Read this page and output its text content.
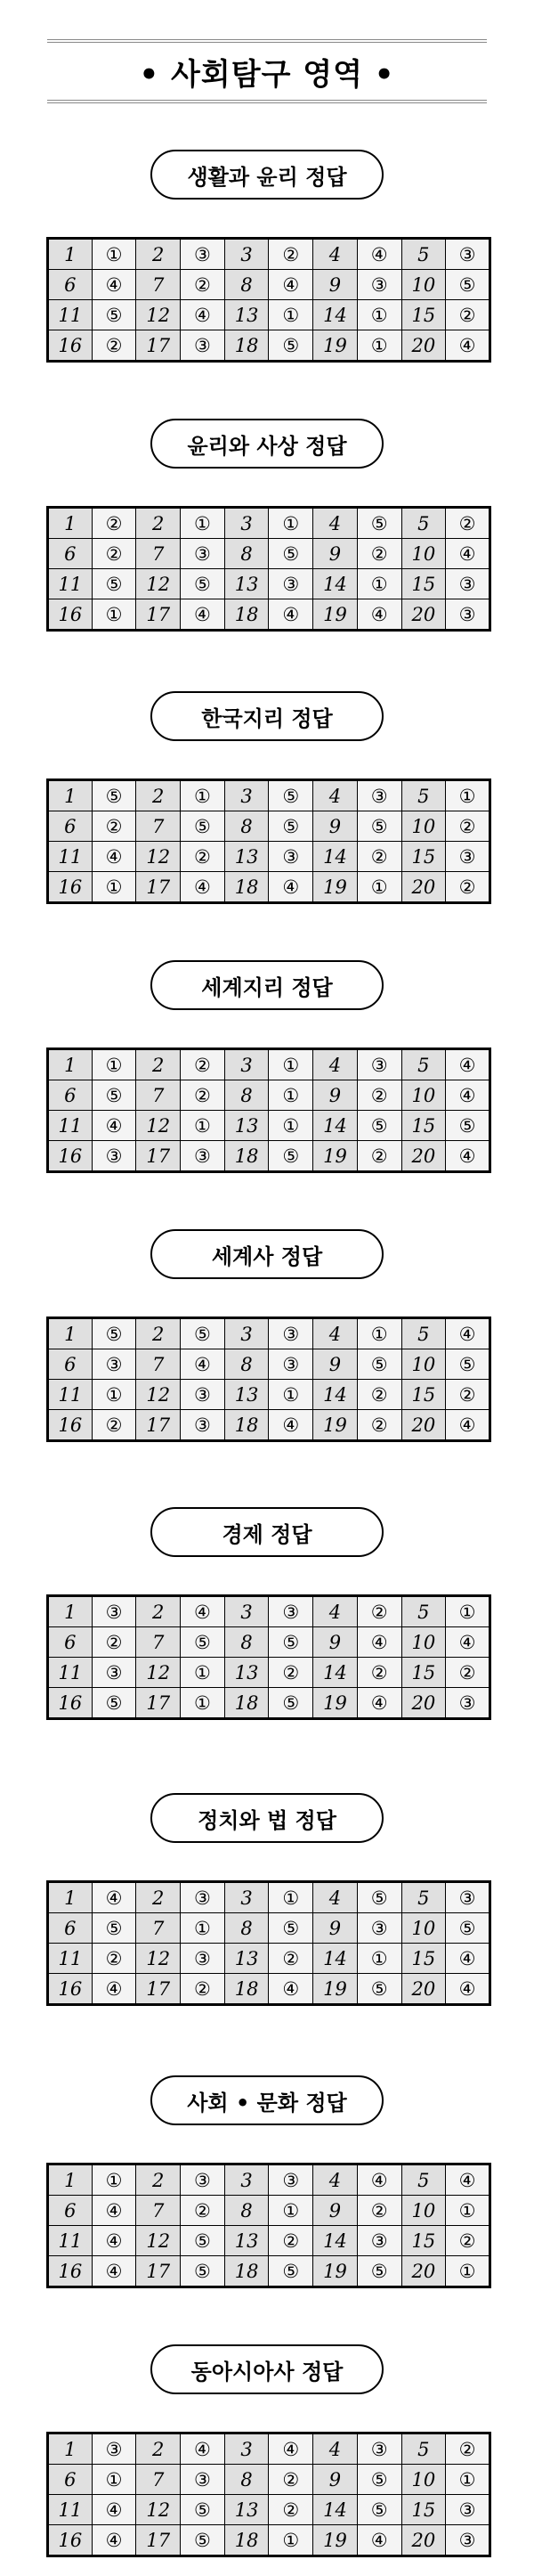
• 사회탐구 영역 •
생활과 윤리 정답
1	①	2	③	3	②	4	④	5	③
6	④	7	②	8	④	9	③	10	⑤
11	⑤	12	④	13	①	14	①	15	②
16	②	17	③	18	⑤	19	①	20	④
윤리와 사상 정답
1	②	2	①	3	①	4	⑤	5	②
6	②	7	③	8	⑤	9	②	10	④
11	⑤	12	⑤	13	③	14	①	15	③
16	①	17	④	18	④	19	④	20	③
한국지리 정답
1	⑤	2	①	3	⑤	4	③	5	①
6	②	7	⑤	8	⑤	9	⑤	10	②
11	④	12	②	13	③	14	②	15	③
16	①	17	④	18	④	19	①	20	②
세계지리 정답
1	①	2	②	3	①	4	③	5	④
6	⑤	7	②	8	①	9	②	10	④
11	④	12	①	13	①	14	⑤	15	⑤
16	③	17	③	18	⑤	19	②	20	④
세계사 정답
1	⑤	2	⑤	3	③	4	①	5	④
6	③	7	④	8	③	9	⑤	10	⑤
11	①	12	③	13	①	14	②	15	②
16	②	17	③	18	④	19	②	20	④
경제 정답
1	③	2	④	3	③	4	②	5	①
6	②	7	⑤	8	⑤	9	④	10	④
11	③	12	①	13	②	14	②	15	②
16	⑤	17	①	18	⑤	19	④	20	③
정치와 법 정답
1	④	2	③	3	①	4	⑤	5	③
6	⑤	7	①	8	⑤	9	③	10	⑤
11	②	12	③	13	②	14	①	15	④
16	④	17	②	18	④	19	⑤	20	④
사회 • 문화 정답
1	①	2	③	3	③	4	④	5	④
6	④	7	②	8	①	9	②	10	①
11	④	12	⑤	13	②	14	③	15	②
16	④	17	⑤	18	⑤	19	⑤	20	①
동아시아사 정답
1	③	2	④	3	④	4	③	5	②
6	①	7	③	8	②	9	⑤	10	①
11	④	12	⑤	13	②	14	⑤	15	③
16	④	17	⑤	18	①	19	④	20	③
